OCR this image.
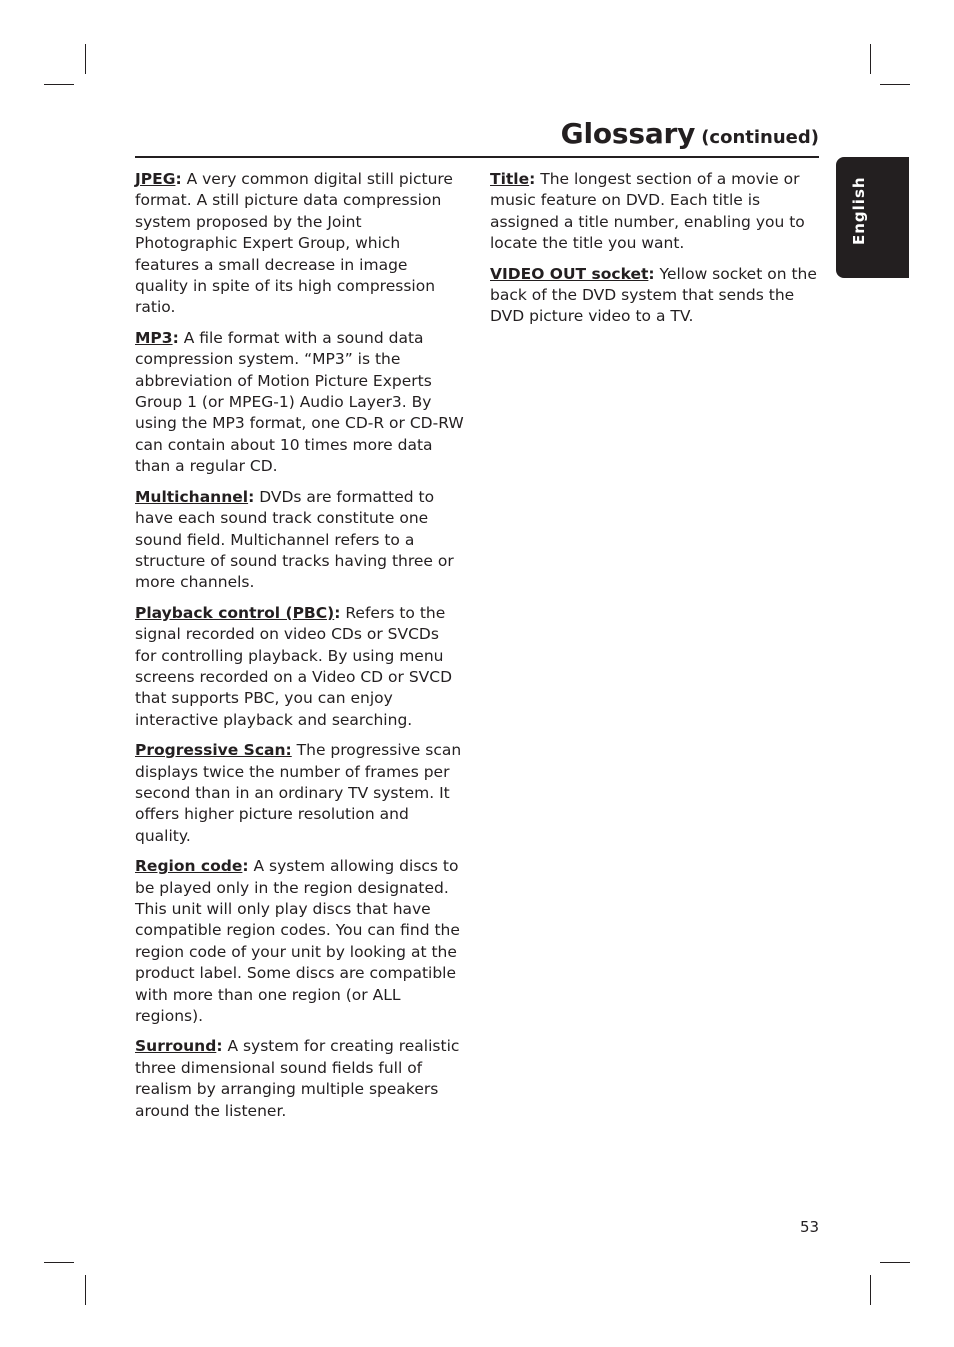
Glossary (continued)
English

JPEG: A very common digital still picture format. A still picture data compression system proposed by the Joint Photographic Expert Group, which features a small decrease in image quality in spite of its high compression ratio.

MP3: A file format with a sound data compression system. “MP3” is the abbreviation of Motion Picture Experts Group 1 (or MPEG-1) Audio Layer3. By using the MP3 format, one CD-R or CD-RW can contain about 10 times more data than a regular CD.

Multichannel: DVDs are formatted to have each sound track constitute one sound field. Multichannel refers to a structure of sound tracks having three or more channels.

Playback control (PBC): Refers to the signal recorded on video CDs or SVCDs for controlling playback. By using menu screens recorded on a Video CD or SVCD that supports PBC, you can enjoy interactive playback and searching.

Progressive Scan: The progressive scan displays twice the number of frames per second than in an ordinary TV system. It offers higher picture resolution and quality.

Region code: A system allowing discs to be played only in the region designated. This unit will only play discs that have compatible region codes. You can find the region code of your unit by looking at the product label. Some discs are compatible with more than one region (or ALL regions).

Surround: A system for creating realistic three dimensional sound fields full of realism by arranging multiple speakers around the listener.

Title: The longest section of a movie or music feature on DVD. Each title is assigned a title number, enabling you to locate the title you want.

VIDEO OUT socket: Yellow socket on the back of the DVD system that sends the DVD picture video to a TV.

53
